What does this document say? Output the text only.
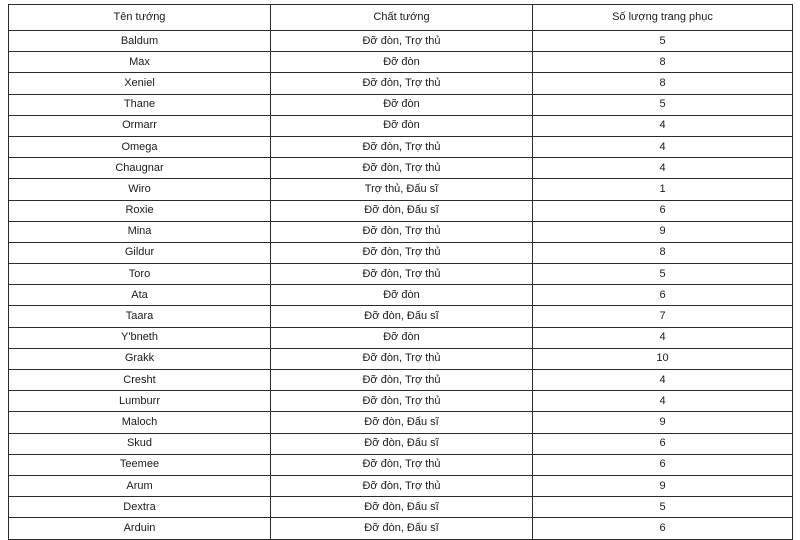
Tên tướng	Chất tướng	Số lượng trang phục
Baldum	Đỡ đòn, Trợ thủ	5
Max	Đỡ đòn	8
Xeniel	Đỡ đòn, Trợ thủ	8
Thane	Đỡ đòn	5
Ormarr	Đỡ đòn	4
Omega	Đỡ đòn, Trợ thủ	4
Chaugnar	Đỡ đòn, Trợ thủ	4
Wiro	Trợ thủ, Đấu sĩ	1
Roxie	Đỡ đòn, Đấu sĩ	6
Mina	Đỡ đòn, Trợ thủ	9
Gildur	Đỡ đòn, Trợ thủ	8
Toro	Đỡ đòn, Trợ thủ	5
Ata	Đỡ đòn	6
Taara	Đỡ đòn, Đấu sĩ	7
Y'bneth	Đỡ đòn	4
Grakk	Đỡ đòn, Trợ thủ	10
Cresht	Đỡ đòn, Trợ thủ	4
Lumburr	Đỡ đòn, Trợ thủ	4
Maloch	Đỡ đòn, Đấu sĩ	9
Skud	Đỡ đòn, Đấu sĩ	6
Teemee	Đỡ đòn, Trợ thủ	6
Arum	Đỡ đòn, Trợ thủ	9
Dextra	Đỡ đòn, Đấu sĩ	5
Arduin	Đỡ đòn, Đấu sĩ	6
